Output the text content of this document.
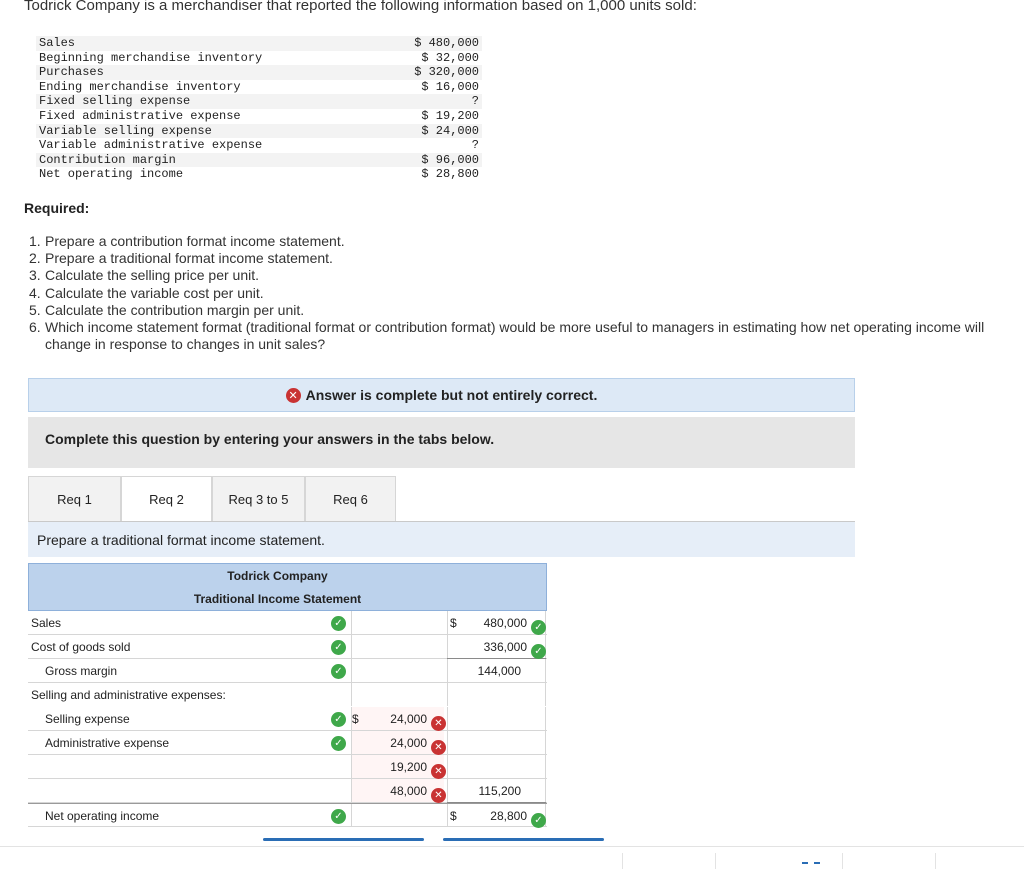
Todrick Company is a merchandiser that reported the following information based on 1,000 units sold:
Sales	$ 480,000
Beginning merchandise inventory	$ 32,000
Purchases	$ 320,000
Ending merchandise inventory	$ 16,000
Fixed selling expense	?
Fixed administrative expense	$ 19,200
Variable selling expense	$ 24,000
Variable administrative expense	?
Contribution margin	$ 96,000
Net operating income	$ 28,800
Required:
1. Prepare a contribution format income statement.
2. Prepare a traditional format income statement.
3. Calculate the selling price per unit.
4. Calculate the variable cost per unit.
5. Calculate the contribution margin per unit.
6. Which income statement format (traditional format or contribution format) would be more useful to managers in estimating how net operating income will change in response to changes in unit sales?
✕ Answer is complete but not entirely correct.
Complete this question by entering your answers in the tabs below.
Req 1	Req 2	Req 3 to 5	Req 6
Prepare a traditional format income statement.
Todrick Company
Traditional Income Statement
Sales	✓	$	480,000 ✓
Cost of goods sold	✓	336,000 ✓
Gross margin	✓	144,000
Selling and administrative expenses:
Selling expense	✓ $	24,000 ✕
Administrative expense	✓	24,000 ✕
19,200 ✕
48,000 ✕	115,200
Net operating income	✓	$	28,800 ✓
